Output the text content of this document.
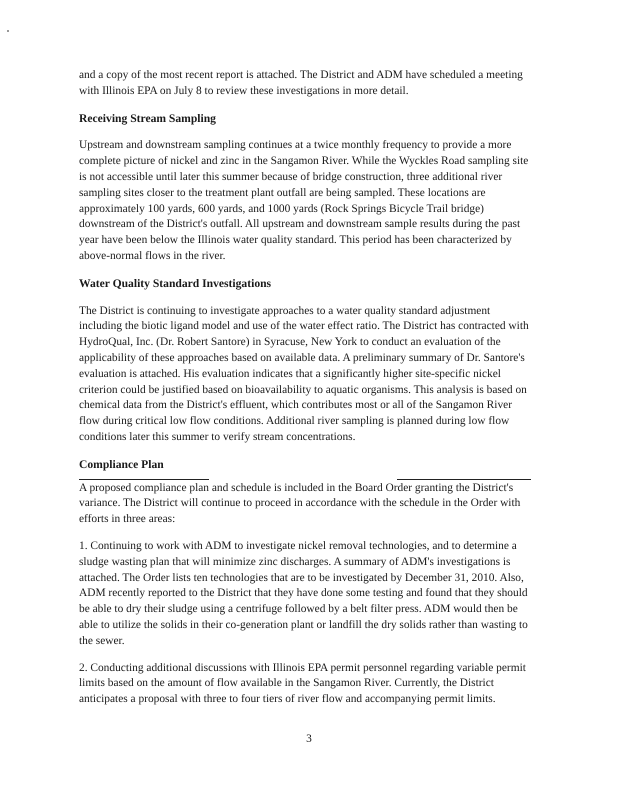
and a copy of the most recent report is attached. The District and ADM have scheduled a meeting with Illinois EPA on July 8 to review these investigations in more detail.

Receiving Stream Sampling

Upstream and downstream sampling continues at a twice monthly frequency to provide a more complete picture of nickel and zinc in the Sangamon River. While the Wyckles Road sampling site is not accessible until later this summer because of bridge construction, three additional river sampling sites closer to the treatment plant outfall are being sampled. These locations are approximately 100 yards, 600 yards, and 1000 yards (Rock Springs Bicycle Trail bridge) downstream of the District's outfall. All upstream and downstream sample results during the past year have been below the Illinois water quality standard. This period has been characterized by above-normal flows in the river.

Water Quality Standard Investigations

The District is continuing to investigate approaches to a water quality standard adjustment including the biotic ligand model and use of the water effect ratio. The District has contracted with HydroQual, Inc. (Dr. Robert Santore) in Syracuse, New York to conduct an evaluation of the applicability of these approaches based on available data. A preliminary summary of Dr. Santore's evaluation is attached. His evaluation indicates that a significantly higher site-specific nickel criterion could be justified based on bioavailability to aquatic organisms. This analysis is based on chemical data from the District's effluent, which contributes most or all of the Sangamon River flow during critical low flow conditions. Additional river sampling is planned during low flow conditions later this summer to verify stream concentrations.

Compliance Plan

A proposed compliance plan and schedule is included in the Board Order granting the District's variance. The District will continue to proceed in accordance with the schedule in the Order with efforts in three areas:

1. Continuing to work with ADM to investigate nickel removal technologies, and to determine a sludge wasting plan that will minimize zinc discharges. A summary of ADM's investigations is attached. The Order lists ten technologies that are to be investigated by December 31, 2010. Also, ADM recently reported to the District that they have done some testing and found that they should be able to dry their sludge using a centrifuge followed by a belt filter press. ADM would then be able to utilize the solids in their co-generation plant or landfill the dry solids rather than wasting to the sewer.

2. Conducting additional discussions with Illinois EPA permit personnel regarding variable permit limits based on the amount of flow available in the Sangamon River. Currently, the District anticipates a proposal with three to four tiers of river flow and accompanying permit limits.

3
